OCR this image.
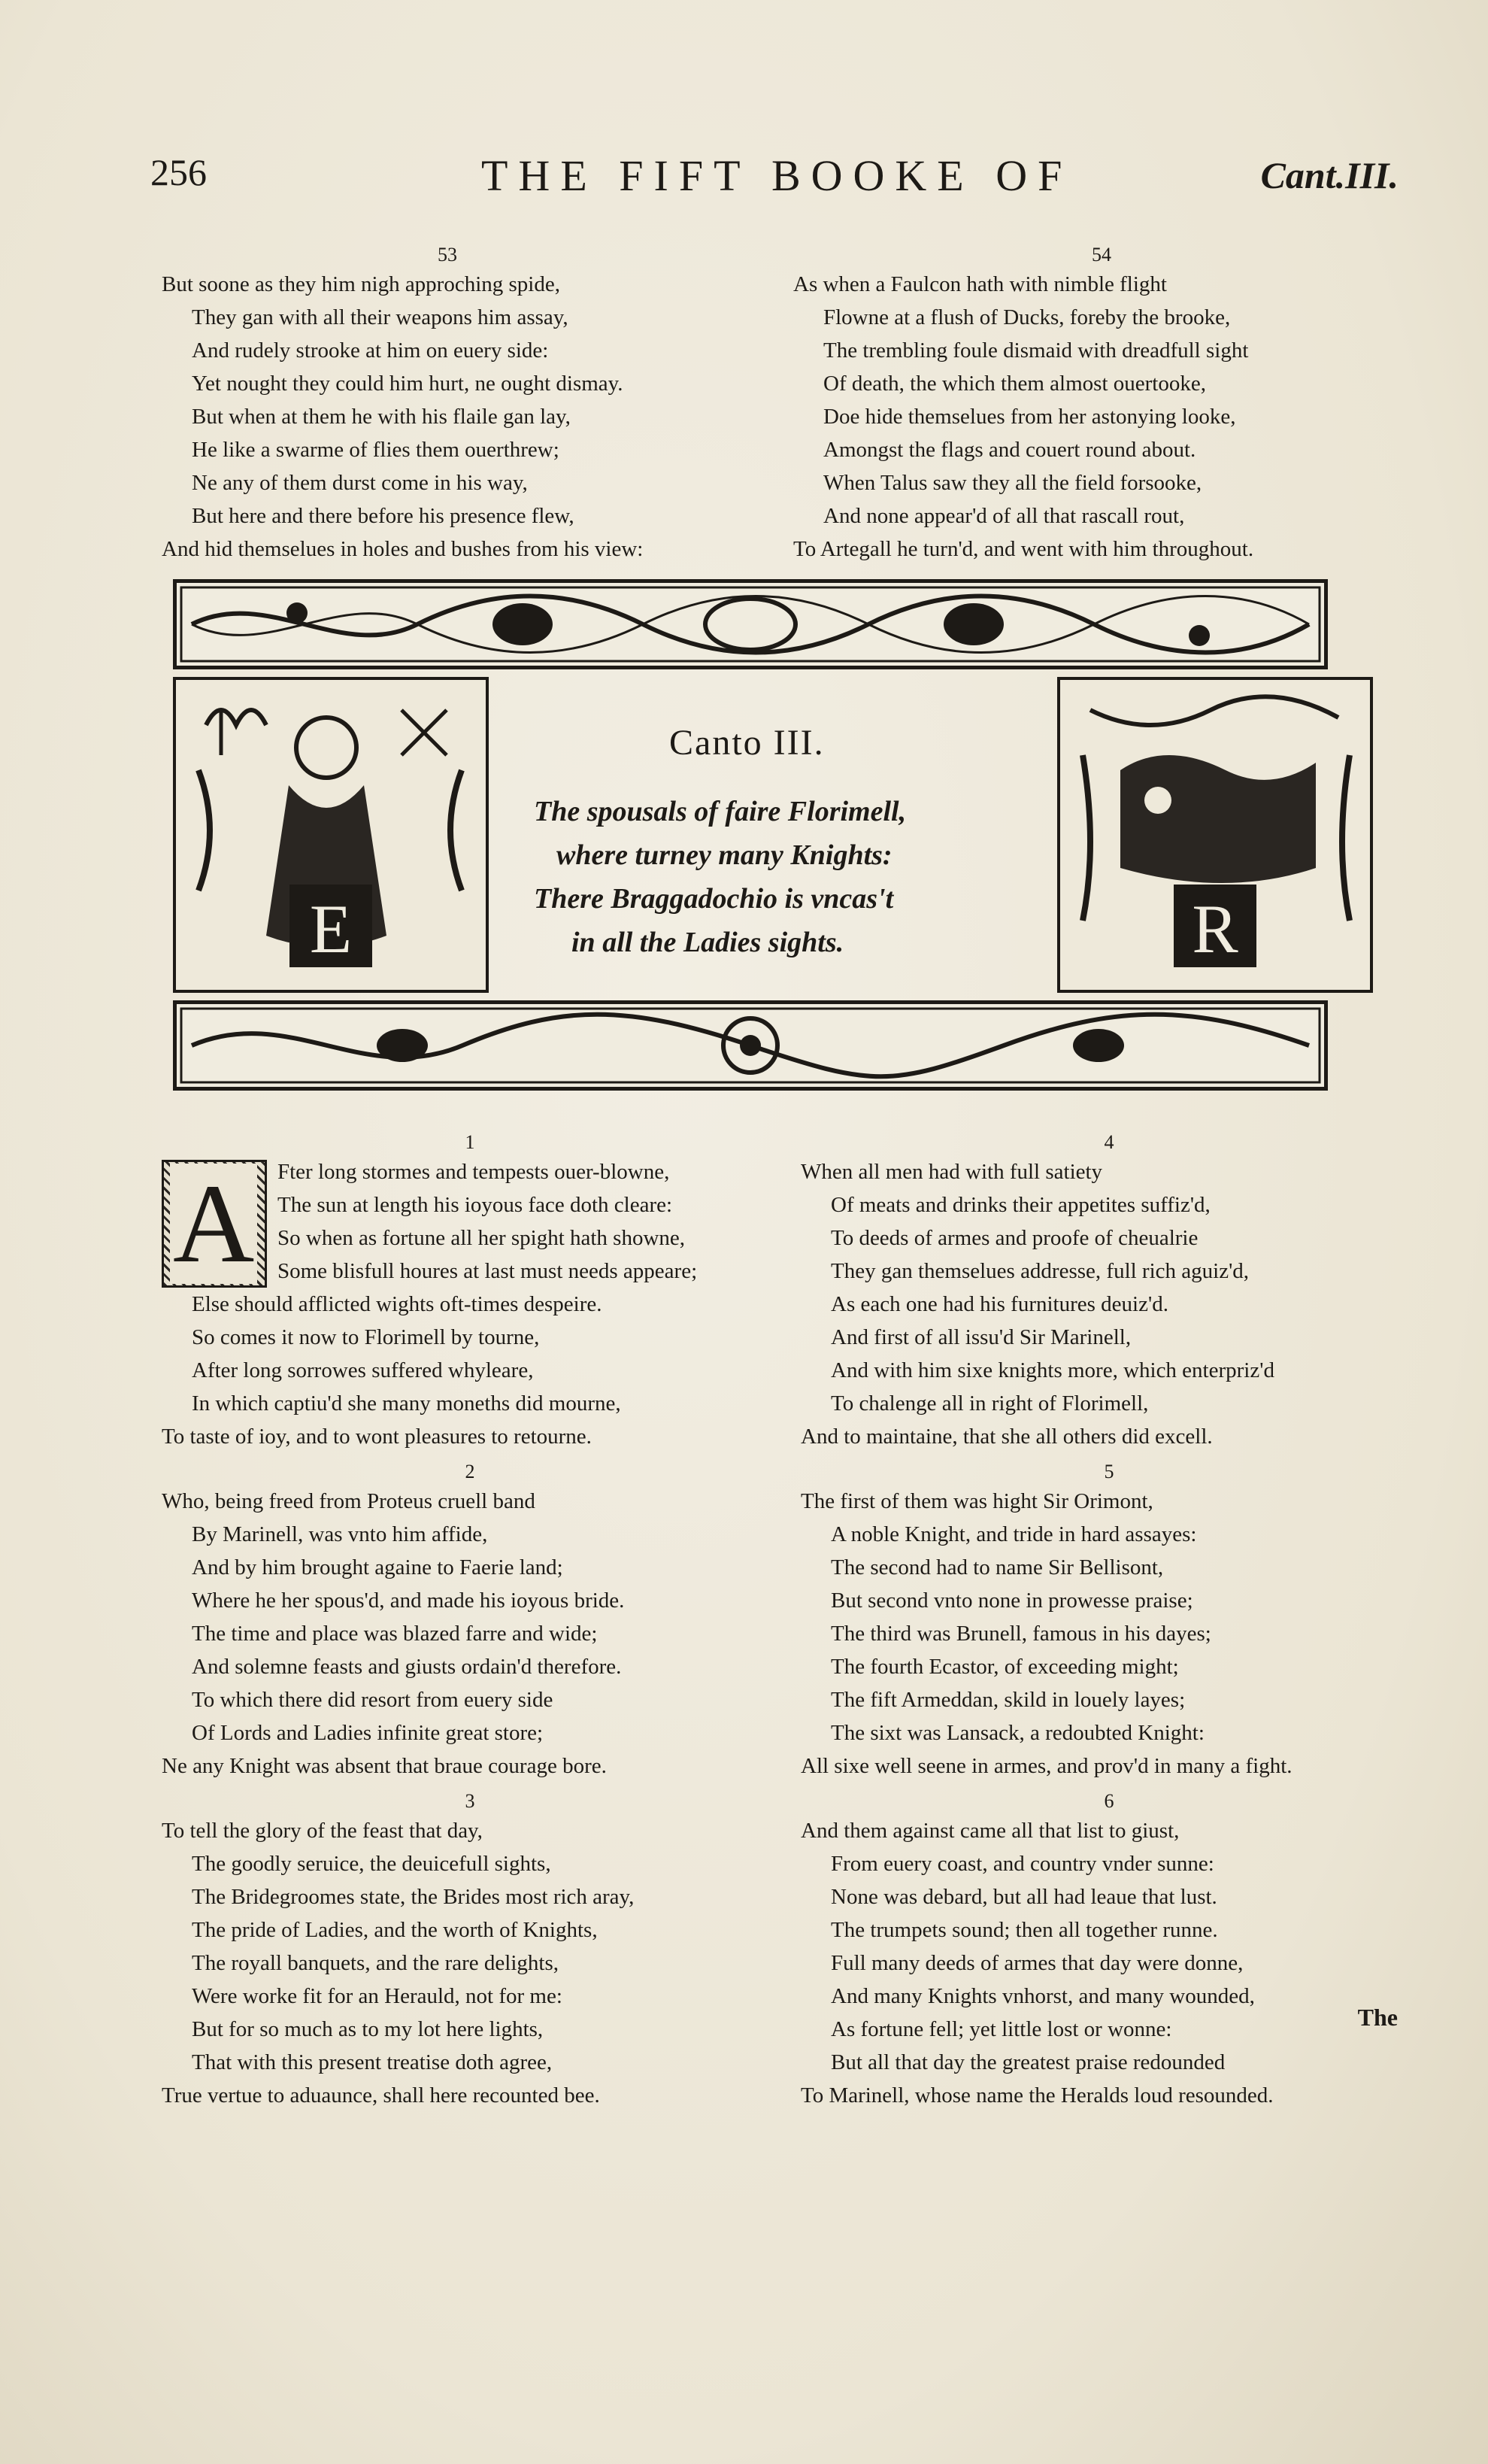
256	THE FIFT BOOKE OF	Cant.III.
53
But soone as they him nigh approching spide,
They gan with all their weapons him assay,
And rudely strooke at him on euery side:
Yet nought they could him hurt, ne ought dismay.
But when at them he with his flaile gan lay,
He like a swarme of flies them ouerthrew;
Ne any of them durst come in his way,
But here and there before his presence flew,
And hid themselues in holes and bushes from his view:
54
As when a Faulcon hath with nimble flight
Flowne at a flush of Ducks, foreby the brooke,
The trembling foule dismaid with dreadfull sight
Of death, the which them almost ouertooke,
Doe hide themselues from her astonying looke,
Amongst the flags and couert round about.
When Talus saw they all the field forsooke,
And none appear'd of all that rascall rout,
To Artegall he turn'd, and went with him throughout.
E
Canto III.
The spousals of faire Florimell,
where turney many Knights:
There Braggadochio is vncas't
in all the Ladies sights.	R
1
A	Fter long stormes and tempests ouer-blowne,
The sun at length his ioyous face doth cleare:
So when as fortune all her spight hath showne,
Some blisfull houres at last must needs appeare;
Else should afflicted wights oft-times despeire.
So comes it now to Florimell by tourne,
After long sorrowes suffered whyleare,
In which captiu'd she many moneths did mourne,
To taste of ioy, and to wont pleasures to retourne.
2
Who, being freed from Proteus cruell band
By Marinell, was vnto him affide,
And by him brought againe to Faerie land;
Where he her spous'd, and made his ioyous bride.
The time and place was blazed farre and wide;
And solemne feasts and giusts ordain'd therefore.
To which there did resort from euery side
Of Lords and Ladies infinite great store;
Ne any Knight was absent that braue courage bore.
3
To tell the glory of the feast that day,
The goodly seruice, the deuicefull sights,
The Bridegroomes state, the Brides most rich aray,
The pride of Ladies, and the worth of Knights,
The royall banquets, and the rare delights,
Were worke fit for an Herauld, not for me:
But for so much as to my lot here lights,
That with this present treatise doth agree,
True vertue to aduaunce, shall here recounted bee.
4
When all men had with full satiety
Of meats and drinks their appetites suffiz'd,
To deeds of armes and proofe of cheualrie
They gan themselues addresse, full rich aguiz'd,
As each one had his furnitures deuiz'd.
And first of all issu'd Sir Marinell,
And with him sixe knights more, which enterpriz'd
To chalenge all in right of Florimell,
And to maintaine, that she all others did excell.
5
The first of them was hight Sir Orimont,
A noble Knight, and tride in hard assayes:
The second had to name Sir Bellisont,
But second vnto none in prowesse praise;
The third was Brunell, famous in his dayes;
The fourth Ecastor, of exceeding might;
The fift Armeddan, skild in louely layes;
The sixt was Lansack, a redoubted Knight:
All sixe well seene in armes, and prov'd in many a fight.
6
And them against came all that list to giust,
From euery coast, and country vnder sunne:
None was debard, but all had leaue that lust.
The trumpets sound; then all together runne.
Full many deeds of armes that day were donne,
And many Knights vnhorst, and many wounded,
As fortune fell; yet little lost or wonne:
But all that day the greatest praise redounded
To Marinell, whose name the Heralds loud resounded.
The
